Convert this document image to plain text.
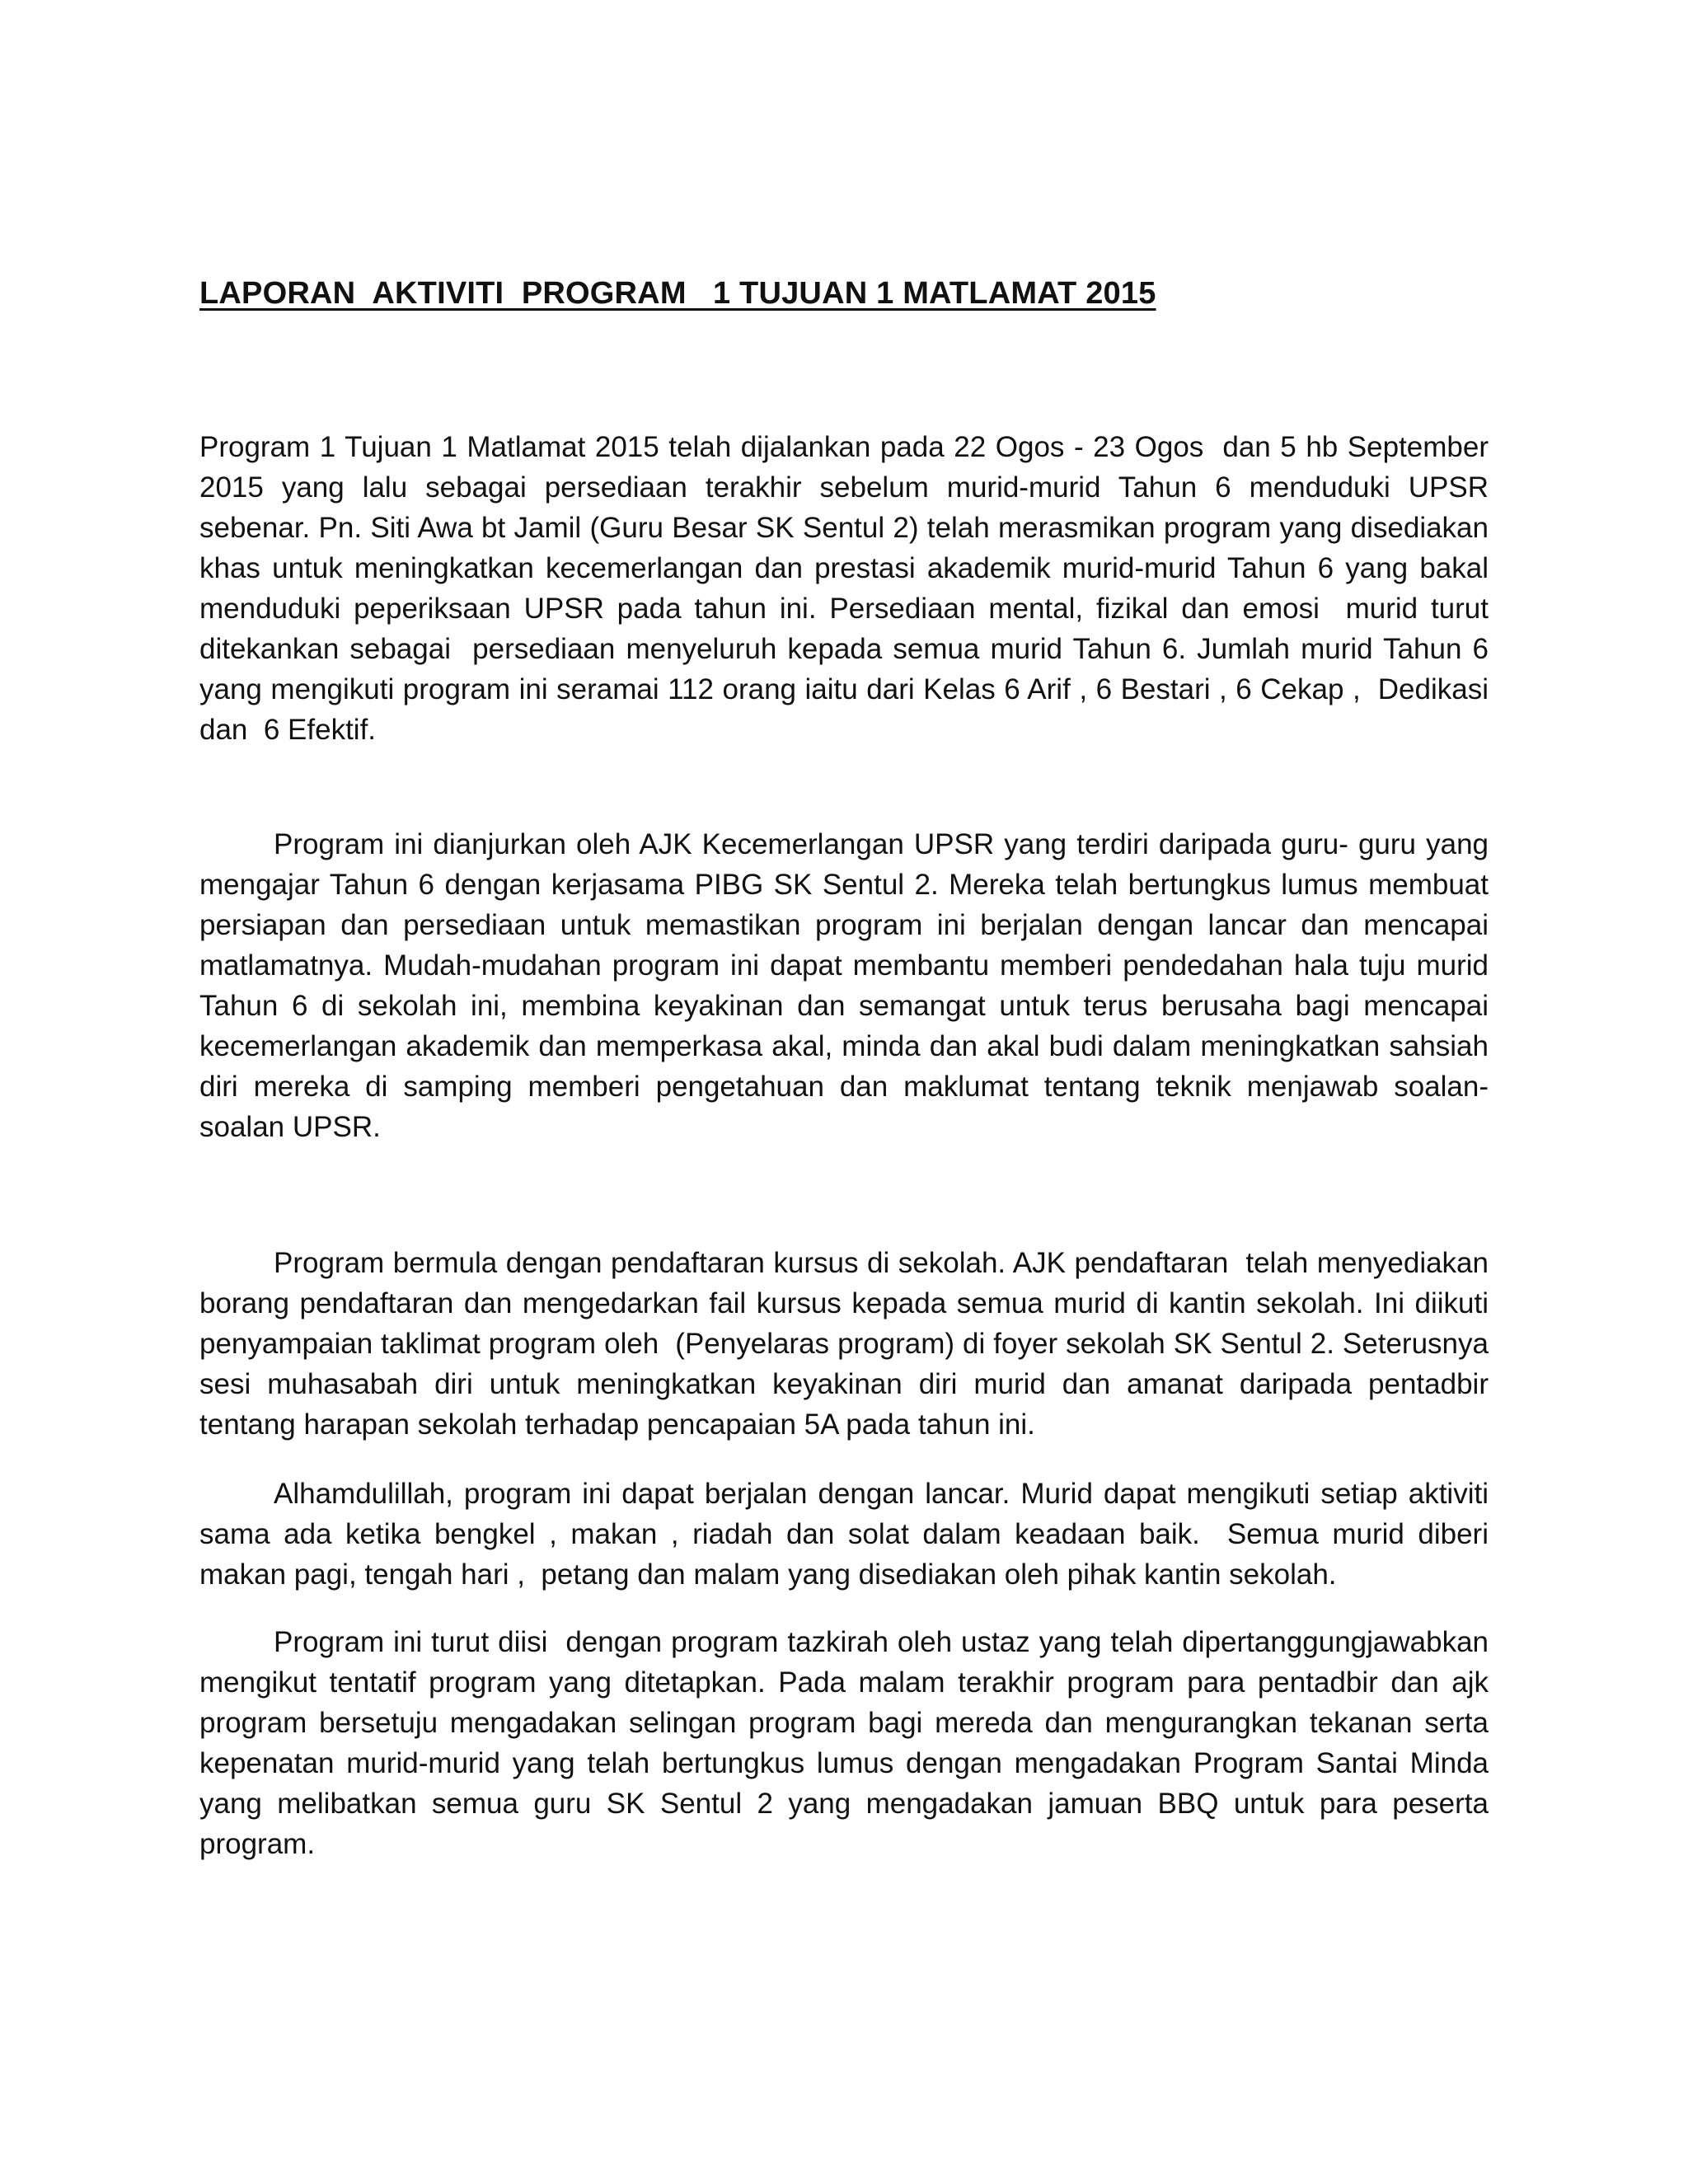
LAPORAN  AKTIVITI  PROGRAM   1 TUJUAN 1 MATLAMAT 2015

Program 1 Tujuan 1 Matlamat 2015 telah dijalankan pada 22 Ogos - 23 Ogos  dan 5 hb September 2015 yang lalu sebagai persediaan terakhir sebelum murid-murid Tahun 6 menduduki UPSR sebenar. Pn. Siti Awa bt Jamil (Guru Besar SK Sentul 2) telah merasmikan program yang disediakan khas untuk meningkatkan kecemerlangan dan prestasi akademik murid-murid Tahun 6 yang bakal menduduki peperiksaan UPSR pada tahun ini. Persediaan mental, fizikal dan emosi  murid turut ditekankan sebagai  persediaan menyeluruh kepada semua murid Tahun 6. Jumlah murid Tahun 6 yang mengikuti program ini seramai 112 orang iaitu dari Kelas 6 Arif , 6 Bestari , 6 Cekap ,  Dedikasi  dan  6 Efektif.

Program ini dianjurkan oleh AJK Kecemerlangan UPSR yang terdiri daripada guru- guru yang mengajar Tahun 6 dengan kerjasama PIBG SK Sentul 2. Mereka telah bertungkus lumus membuat persiapan dan persediaan untuk memastikan program ini berjalan dengan lancar dan mencapai matlamatnya. Mudah-mudahan program ini dapat membantu memberi pendedahan hala tuju murid Tahun 6 di sekolah ini, membina keyakinan dan semangat untuk terus berusaha bagi mencapai kecemerlangan akademik dan memperkasa akal, minda dan akal budi dalam meningkatkan sahsiah diri mereka di samping memberi pengetahuan dan maklumat tentang teknik menjawab soalan-soalan UPSR.

Program bermula dengan pendaftaran kursus di sekolah. AJK pendaftaran  telah menyediakan borang pendaftaran dan mengedarkan fail kursus kepada semua murid di kantin sekolah. Ini diikuti penyampaian taklimat program oleh  (Penyelaras program) di foyer sekolah SK Sentul 2. Seterusnya sesi muhasabah diri untuk meningkatkan keyakinan diri murid dan amanat daripada pentadbir tentang harapan sekolah terhadap pencapaian 5A pada tahun ini.

Alhamdulillah, program ini dapat berjalan dengan lancar. Murid dapat mengikuti setiap aktiviti sama ada ketika bengkel , makan , riadah dan solat dalam keadaan baik.  Semua murid diberi makan pagi, tengah hari ,  petang dan malam yang disediakan oleh pihak kantin sekolah.

Program ini turut diisi  dengan program tazkirah oleh ustaz yang telah dipertanggungjawabkan mengikut tentatif program yang ditetapkan. Pada malam terakhir program para pentadbir dan ajk program bersetuju mengadakan selingan program bagi mereda dan mengurangkan tekanan serta kepenatan murid-murid yang telah bertungkus lumus dengan mengadakan Program Santai Minda yang melibatkan semua guru SK Sentul 2 yang mengadakan jamuan BBQ untuk para peserta program.
